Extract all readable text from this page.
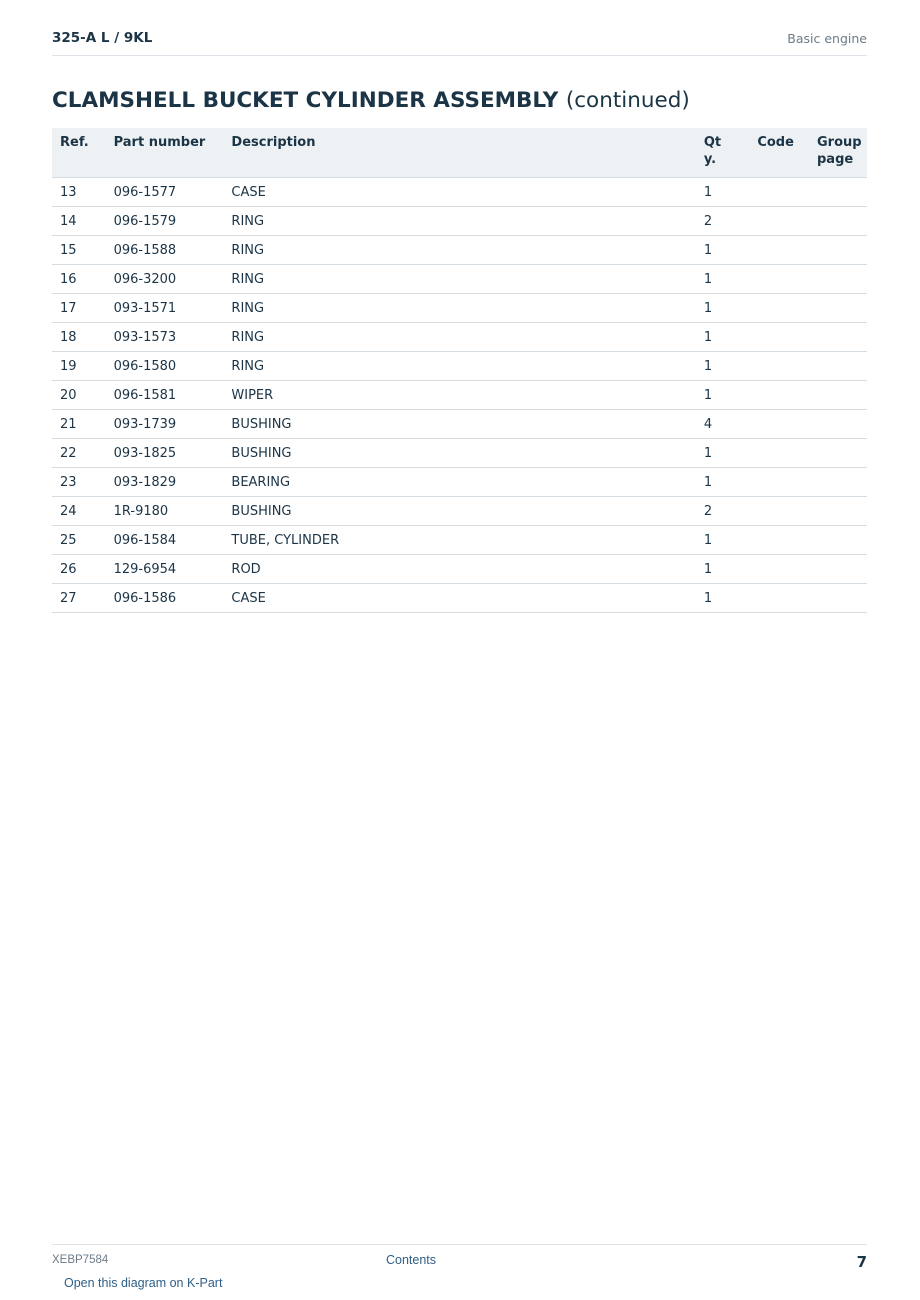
325-A L / 9KL	Basic engine
CLAMSHELL BUCKET CYLINDER ASSEMBLY (continued)
Ref.	Part number	Description	Qty.	Code	Group page
13	096-1577	CASE	1		
14	096-1579	RING	2		
15	096-1588	RING	1		
16	096-3200	RING	1		
17	093-1571	RING	1		
18	093-1573	RING	1		
19	096-1580	RING	1		
20	096-1581	WIPER	1		
21	093-1739	BUSHING	4		
22	093-1825	BUSHING	1		
23	093-1829	BEARING	1		
24	1R-9180	BUSHING	2		
25	096-1584	TUBE, CYLINDER	1		
26	129-6954	ROD	1		
27	096-1586	CASE	1		
XEBP7584	Contents	7
Open this diagram on K-Part
